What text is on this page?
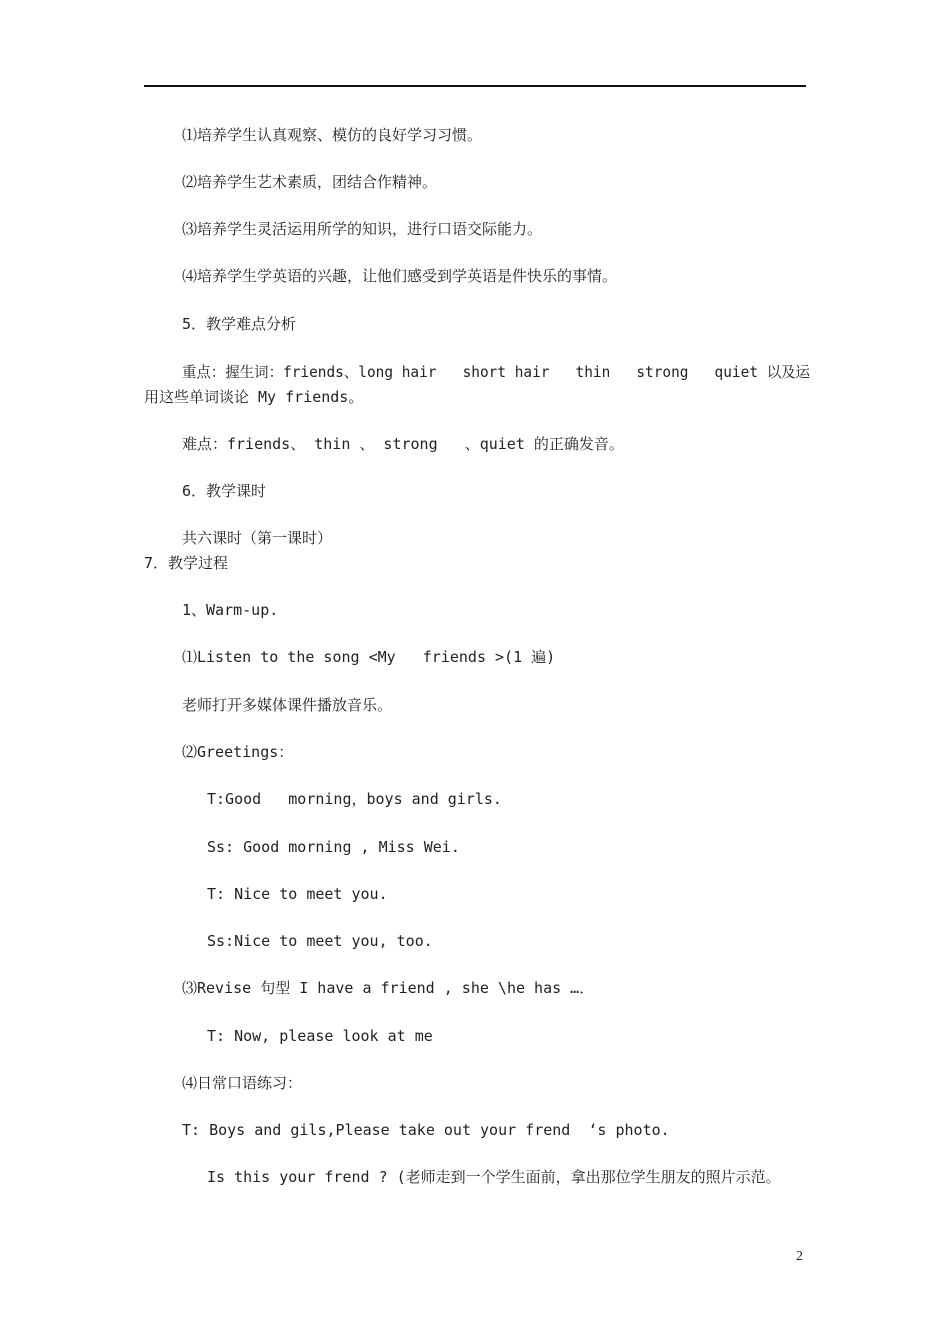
⑴培养学生认真观察、模仿的良好学习习惯。
⑵培养学生艺术素质，团结合作精神。
⑶培养学生灵活运用所学的知识，进行口语交际能力。
⑷培养学生学英语的兴趣，让他们感受到学英语是件快乐的事情。
5．教学难点分析
重点：握生词：friends、long hair   short hair   thin   strong   quiet 以及运
用这些单词谈论 My friends。
难点：friends、 thin 、 strong   、quiet 的正确发音。
6．教学课时
共六课时（第一课时）
7．教学过程
1、Warm-up.
⑴Listen to the song <My   friends >(1 遍)
老师打开多媒体课件播放音乐。
⑵Greetings：
T:Good   morning，boys and girls.
Ss: Good morning , Miss Wei.
T: Nice to meet you.
Ss:Nice to meet you, too.
⑶Revise 句型 I have a friend , she \he has …．
T: Now, please look at me
⑷日常口语练习：
T: Boys and gils,Please take out your frend  ‘s photo.
Is this your frend ? (老师走到一个学生面前，拿出那位学生朋友的照片示范。
2
